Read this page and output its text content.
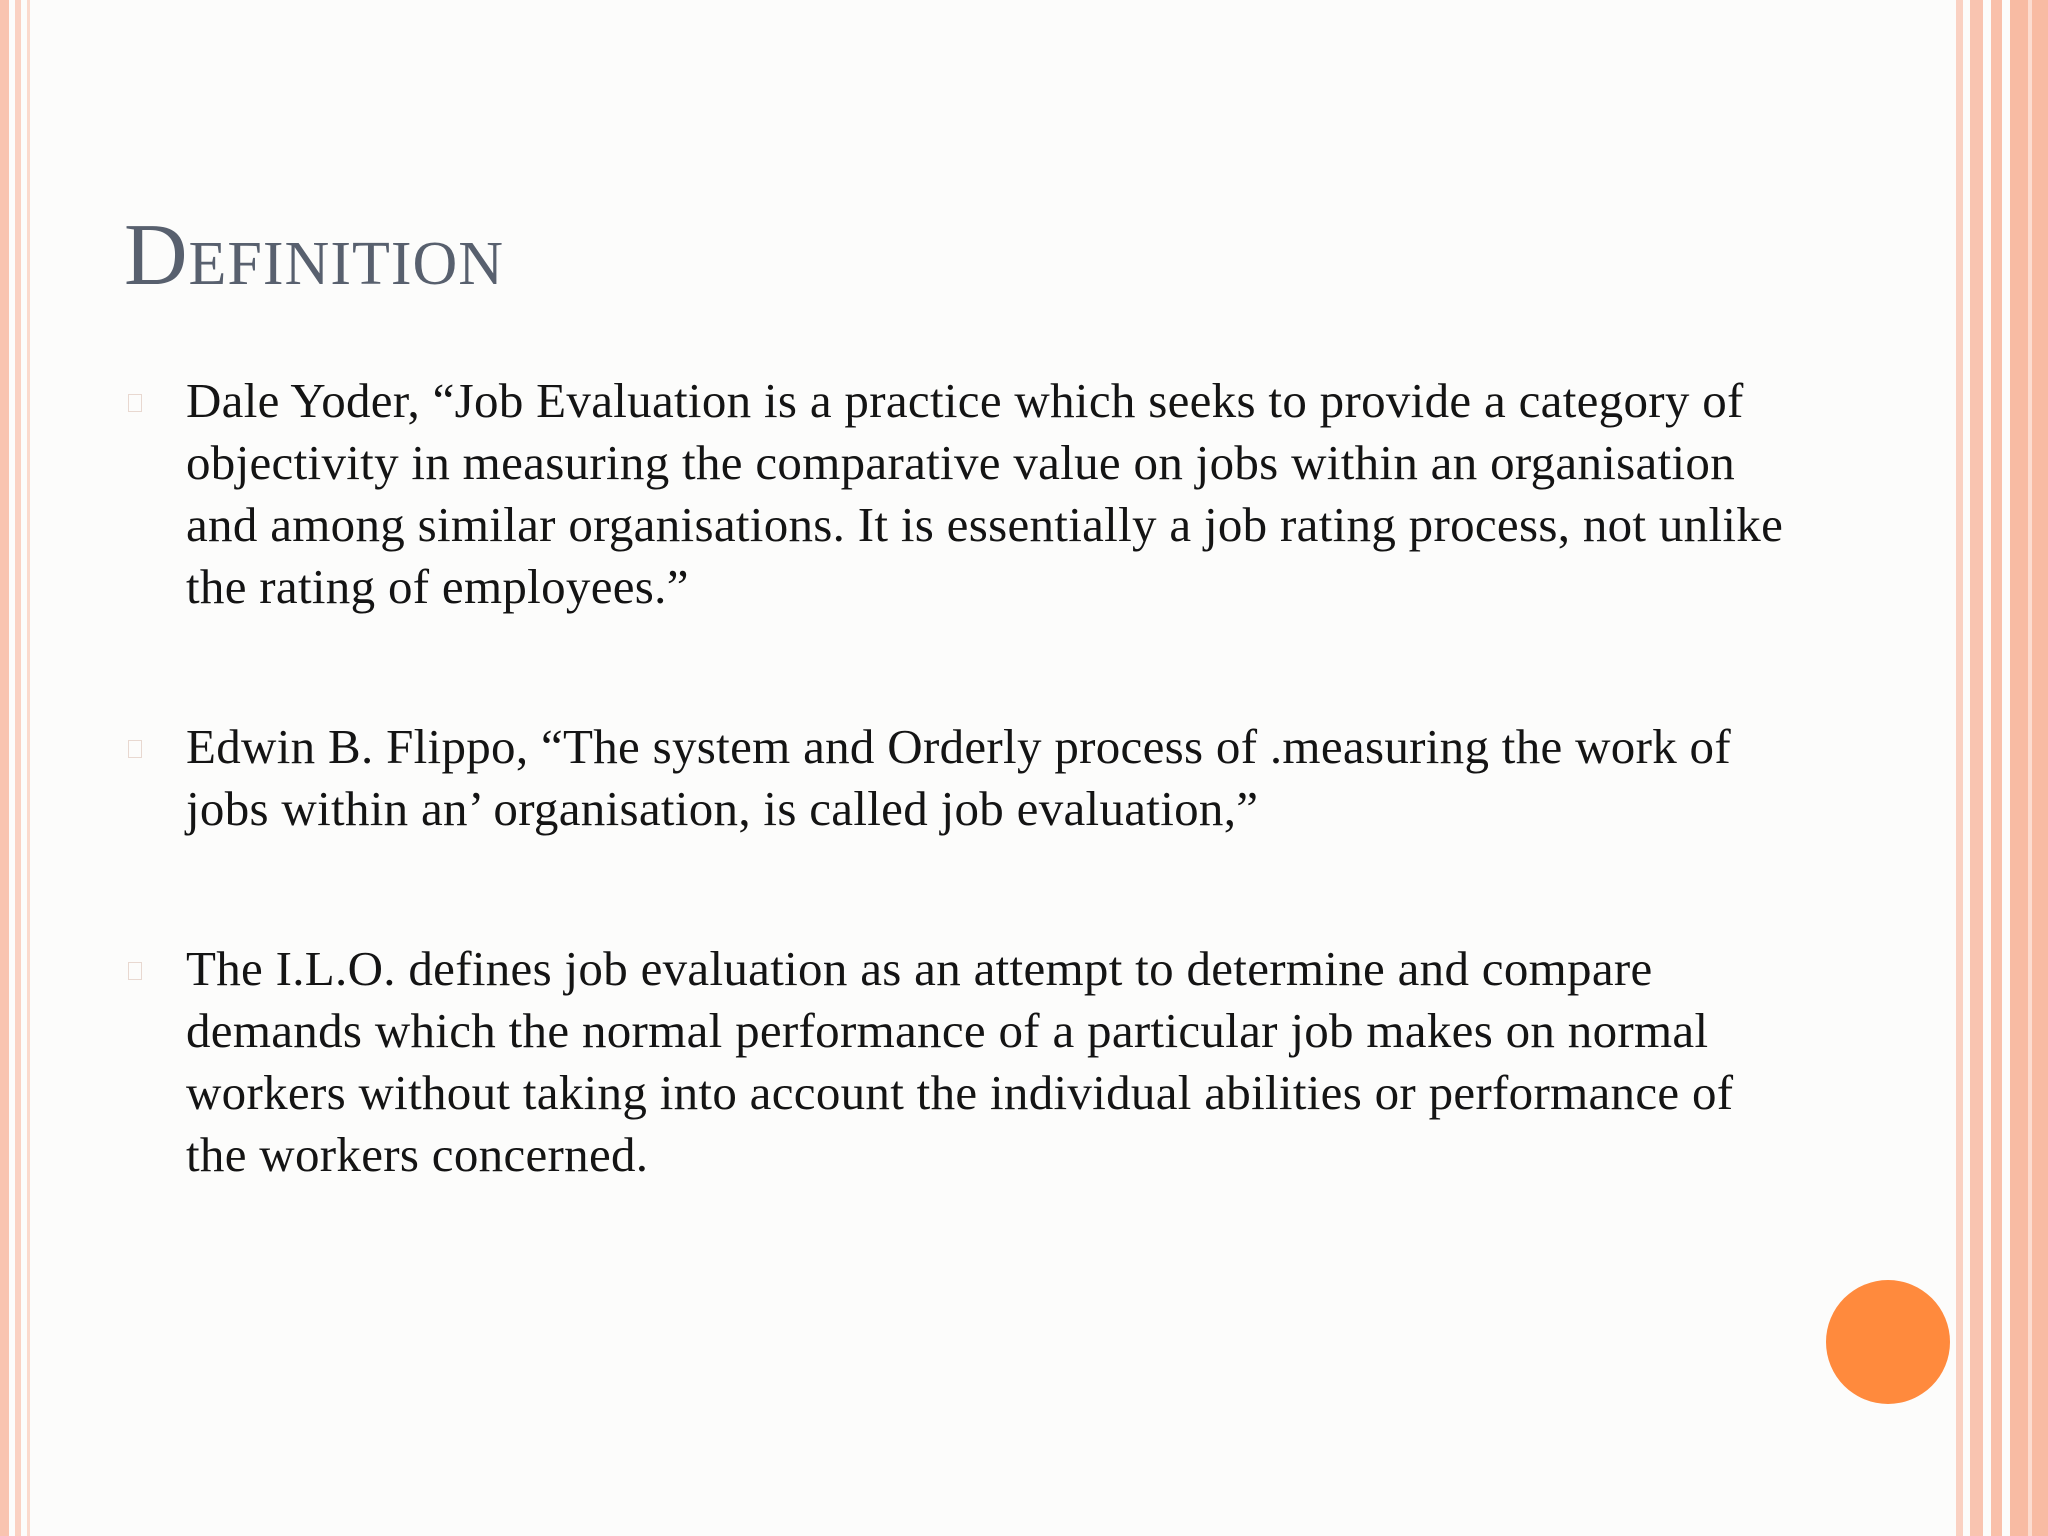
Definition
Dale Yoder, “Job Evaluation is a practice which seeks to provide a category of objectivity in measuring the comparative value on jobs within an organisation and among similar organisations. It is essentially a job rating process, not unlike the rating of employees.”
Edwin B. Flippo, “The system and Orderly process of .measuring the work of jobs within an’ organisation, is called job evaluation,”
The I.L.O. defines job evaluation as an attempt to determine and compare demands which the normal performance of a particular job makes on normal workers without taking into account the individual abilities or performance of the workers concerned.
